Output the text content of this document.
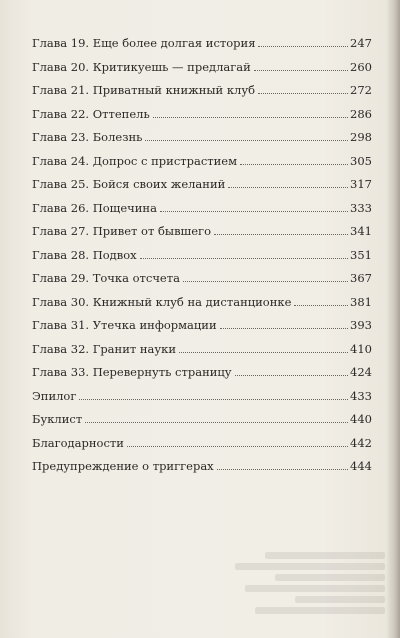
Глава 19. Еще более долгая история	247
Глава 20. Критикуешь — предлагай	260
Глава 21. Приватный книжный клуб	272
Глава 22. Оттепель	286
Глава 23. Болезнь	298
Глава 24. Допрос с пристрастием	305
Глава 25. Бойся своих желаний	317
Глава 26. Пощечина	333
Глава 27. Привет от бывшего	341
Глава 28. Подвох	351
Глава 29. Точка отсчета	367
Глава 30. Книжный клуб на дистанционке	381
Глава 31. Утечка информации	393
Глава 32. Гранит науки	410
Глава 33. Перевернуть страницу	424
Эпилог	433
Буклист	440
Благодарности	442
Предупреждение о триггерах	444
